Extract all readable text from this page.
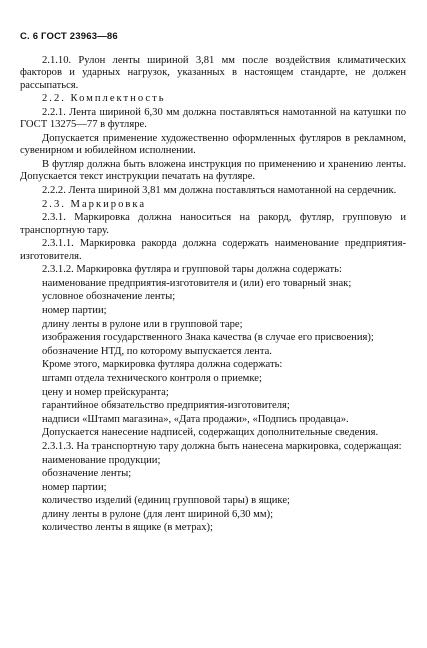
С. 6 ГОСТ 23963—86

2.1.10. Рулон ленты шириной 3,81 мм после воздействия климатических факторов и ударных нагрузок, указанных в настоящем стандарте, не должен рассыпаться.

2.2. Комплектность

2.2.1. Лента шириной 6,30 мм должна поставляться намотанной на катушки по ГОСТ 13275—77 в футляре.

Допускается применение художественно оформленных футляров в рекламном, сувенирном и юбилейном исполнении.

В футляр должна быть вложена инструкция по применению и хранению ленты. Допускается текст инструкции печатать на футляре.

2.2.2. Лента шириной 3,81 мм должна поставляться намотанной на сердечник.

2.3. Маркировка

2.3.1. Маркировка должна наноситься на ракорд, футляр, групповую и транспортную тару.

2.3.1.1. Маркировка ракорда должна содержать наименование предприятия-изготовителя.

2.3.1.2. Маркировка футляра и групповой тары должна содержать:

наименование предприятия-изготовителя и (или) его товарный знак;

условное обозначение ленты;

номер партии;

длину ленты в рулоне или в групповой таре;

изображения государственного Знака качества (в случае его присвоения);

обозначение НТД, по которому выпускается лента.

Кроме этого, маркировка футляра должна содержать:

штамп отдела технического контроля о приемке;

цену и номер прейскуранта;

гарантийное обязательство предприятия-изготовителя;

надписи «Штамп магазина», «Дата продажи», «Подпись продавца».

Допускается нанесение надписей, содержащих дополнительные сведения.

2.3.1.3. На транспортную тару должна быть нанесена маркировка, содержащая:

наименование продукции;

обозначение ленты;

номер партии;

количество изделий (единиц групповой тары) в ящике;

длину ленты в рулоне (для лент шириной 6,30 мм);

количество ленты в ящике (в метрах);
